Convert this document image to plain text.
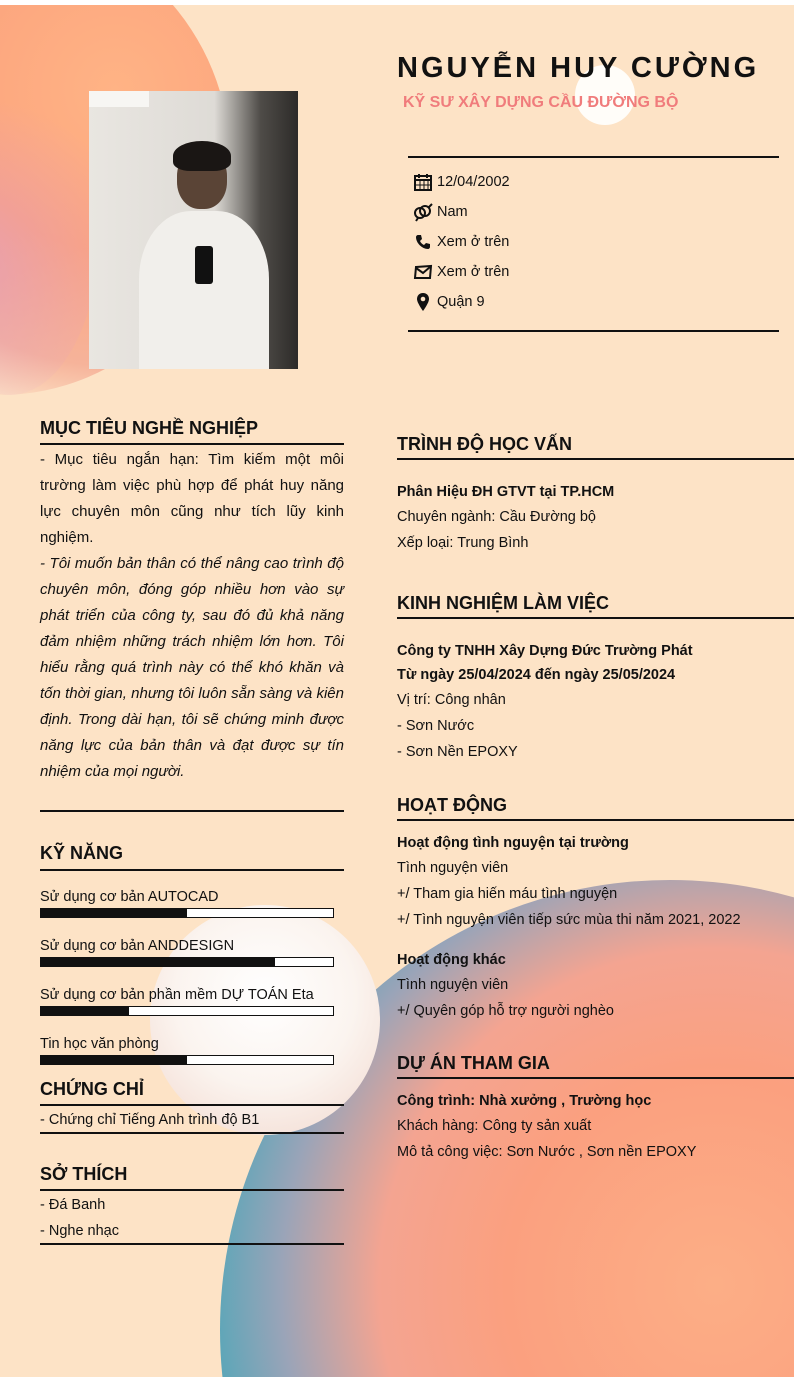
NGUYỄN HUY CƯỜNG
KỸ SƯ XÂY DỰNG CẦU ĐƯỜNG BỘ
12/04/2002
Nam
Xem ở trên
Xem ở trên
Quận 9
MỤC TIÊU NGHỀ NGHIỆP
- Mục tiêu ngắn hạn: Tìm kiếm một môi trường làm việc phù hợp để phát huy năng lực chuyên môn cũng như tích lũy kinh nghiệm.
- Tôi muốn bản thân có thể nâng cao trình độ chuyên môn, đóng góp nhiều hơn vào sự phát triển của công ty, sau đó đủ khả năng đảm nhiệm những trách nhiệm lớn hơn. Tôi hiểu rằng quá trình này có thể khó khăn và tốn thời gian, nhưng tôi luôn sẵn sàng và kiên định. Trong dài hạn, tôi sẽ chứng minh được năng lực của bản thân và đạt được sự tín nhiệm của mọi người.
KỸ NĂNG
Sử dụng cơ bản AUTOCAD
Sử dụng cơ bản ANDDESIGN
Sử dụng cơ bản phần mềm DỰ TOÁN Eta
Tin học văn phòng
CHỨNG CHỈ
- Chứng chỉ Tiếng Anh trình độ B1
SỞ THÍCH
- Đá Banh
- Nghe nhạc
TRÌNH ĐỘ HỌC VẤN
Phân Hiệu ĐH GTVT tại TP.HCM
Chuyên ngành: Cầu Đường bộ
Xếp loại: Trung Bình
KINH NGHIỆM LÀM VIỆC
Công ty TNHH Xây Dựng Đức Trường Phát
Từ ngày 25/04/2024 đến ngày 25/05/2024
Vị trí: Công nhân
- Sơn Nước
- Sơn Nền EPOXY
HOẠT ĐỘNG
Hoạt động tình nguyện tại trường
Tình nguyện viên
+/ Tham gia hiến máu tình nguyện
+/ Tình nguyện viên tiếp sức mùa thi năm 2021, 2022
Hoạt động khác
Tình nguyện viên
+/ Quyên góp hỗ trợ người nghèo
DỰ ÁN THAM GIA
Công trình: Nhà xưởng , Trường học
Khách hàng: Công ty sản xuất
Mô tả công việc: Sơn Nước , Sơn nền EPOXY
